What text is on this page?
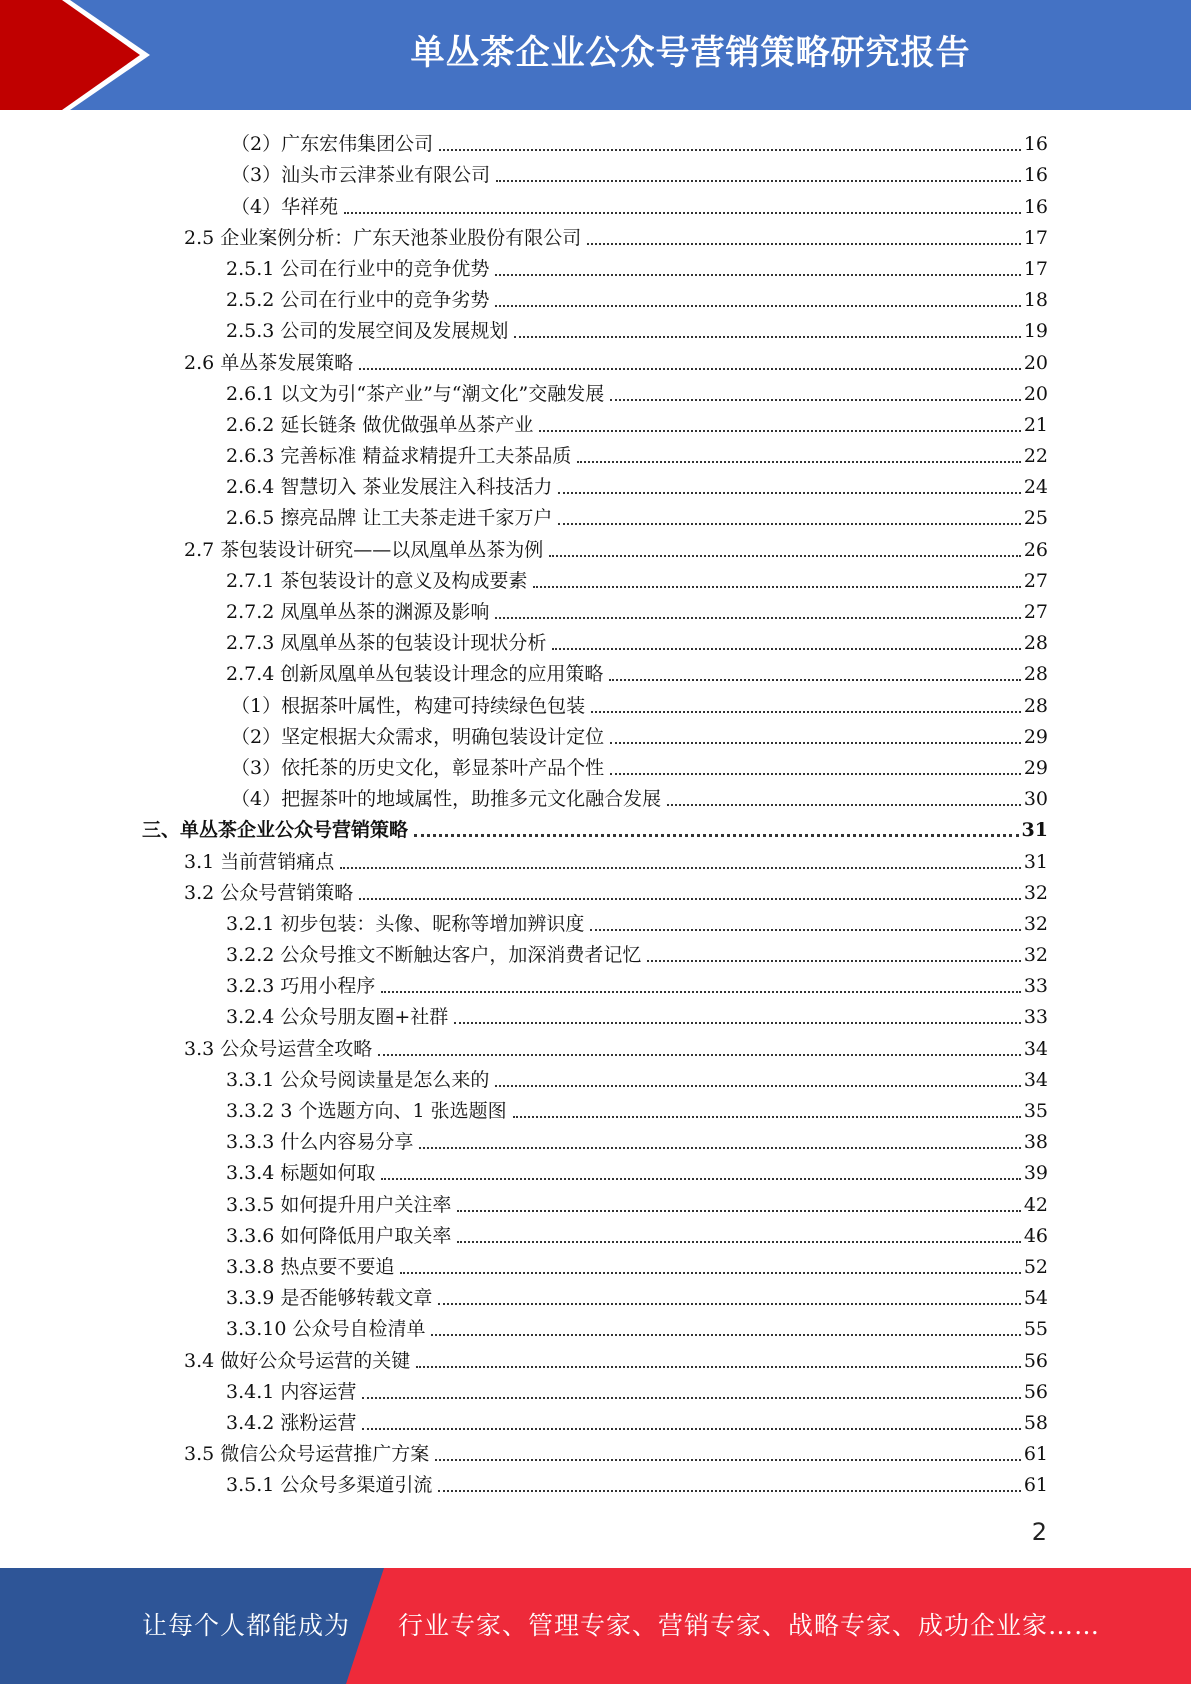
单丛茶企业公众号营销策略研究报告
（2）广东宏伟集团公司	16
（3）汕头市云津茶业有限公司	16
（4）华祥苑	16
2.5 企业案例分析：广东天池茶业股份有限公司	17
2.5.1 公司在行业中的竞争优势	17
2.5.2 公司在行业中的竞争劣势	18
2.5.3 公司的发展空间及发展规划	19
2.6 单丛茶发展策略	20
2.6.1 以文为引“茶产业”与“潮文化”交融发展	20
2.6.2 延长链条 做优做强单丛茶产业	21
2.6.3 完善标准 精益求精提升工夫茶品质	22
2.6.4 智慧切入 茶业发展注入科技活力	24
2.6.5 擦亮品牌 让工夫茶走进千家万户	25
2.7 茶包装设计研究——以凤凰单丛茶为例	26
2.7.1 茶包装设计的意义及构成要素	27
2.7.2 凤凰单丛茶的渊源及影响	27
2.7.3 凤凰单丛茶的包装设计现状分析	28
2.7.4 创新凤凰单丛包装设计理念的应用策略	28
（1）根据茶叶属性，构建可持续绿色包装	28
（2）坚定根据大众需求，明确包装设计定位	29
（3）依托茶的历史文化，彰显茶叶产品个性	29
（4）把握茶叶的地域属性，助推多元文化融合发展	30
三、单丛茶企业公众号营销策略	31
3.1 当前营销痛点	31
3.2 公众号营销策略	32
3.2.1 初步包装：头像、昵称等增加辨识度	32
3.2.2 公众号推文不断触达客户，加深消费者记忆	32
3.2.3 巧用小程序	33
3.2.4 公众号朋友圈+社群	33
3.3 公众号运营全攻略	34
3.3.1 公众号阅读量是怎么来的	34
3.3.2 3 个选题方向、1 张选题图	35
3.3.3 什么内容易分享	38
3.3.4 标题如何取	39
3.3.5 如何提升用户关注率	42
3.3.6 如何降低用户取关率	46
3.3.8 热点要不要追	52
3.3.9 是否能够转载文章	54
3.3.10 公众号自检清单	55
3.4 做好公众号运营的关键	56
3.4.1 内容运营	56
3.4.2 涨粉运营	58
3.5 微信公众号运营推广方案	61
3.5.1 公众号多渠道引流	61
2
让每个人都能成为 行业专家、管理专家、营销专家、战略专家、成功企业家……
